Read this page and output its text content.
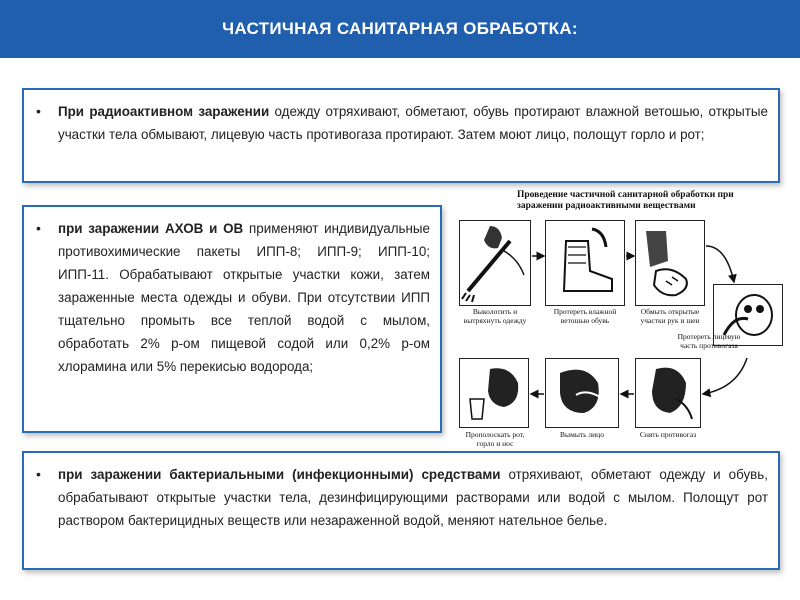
ЧАСТИЧНАЯ САНИТАРНАЯ ОБРАБОТКА:
• При радиоактивном заражении одежду отряхивают, обметают, обувь протирают влажной ветошью, открытые участки тела обмывают, лицевую часть противогаза протирают. Затем моют лицо, полощут горло и рот;

• при заражении АХОВ и ОВ применяют индивидуальные противохимические пакеты ИПП-8; ИПП-9; ИПП-10; ИПП-11. Обрабатывают открытые участки кожи, затем зараженные места одежды и обуви. При отсутствии ИПП тщательно промыть все теплой водой с мылом, обработать 2% р-ом пищевой содой или 0,2% р-ом хлорамина или 5% перекисью водорода;

Проведение частичной санитарной обработки при заражении радиоактивными веществами
Выколотить и вытряхнуть одежду
Протереть влажной ветошью обувь
Обмыть открытые участки рук и шеи
Протереть лицевую часть противогаза
Прополоскать рот, горло и нос
Вымыть лицо	Снять противогаз
• при заражении бактериальными (инфекционными) средствами отряхивают, обметают одежду и обувь, обрабатывают открытые участки тела, дезинфицирующими растворами или водой с мылом. Полощут рот раствором бактерицидных веществ или незараженной водой, меняют нательное белье.
